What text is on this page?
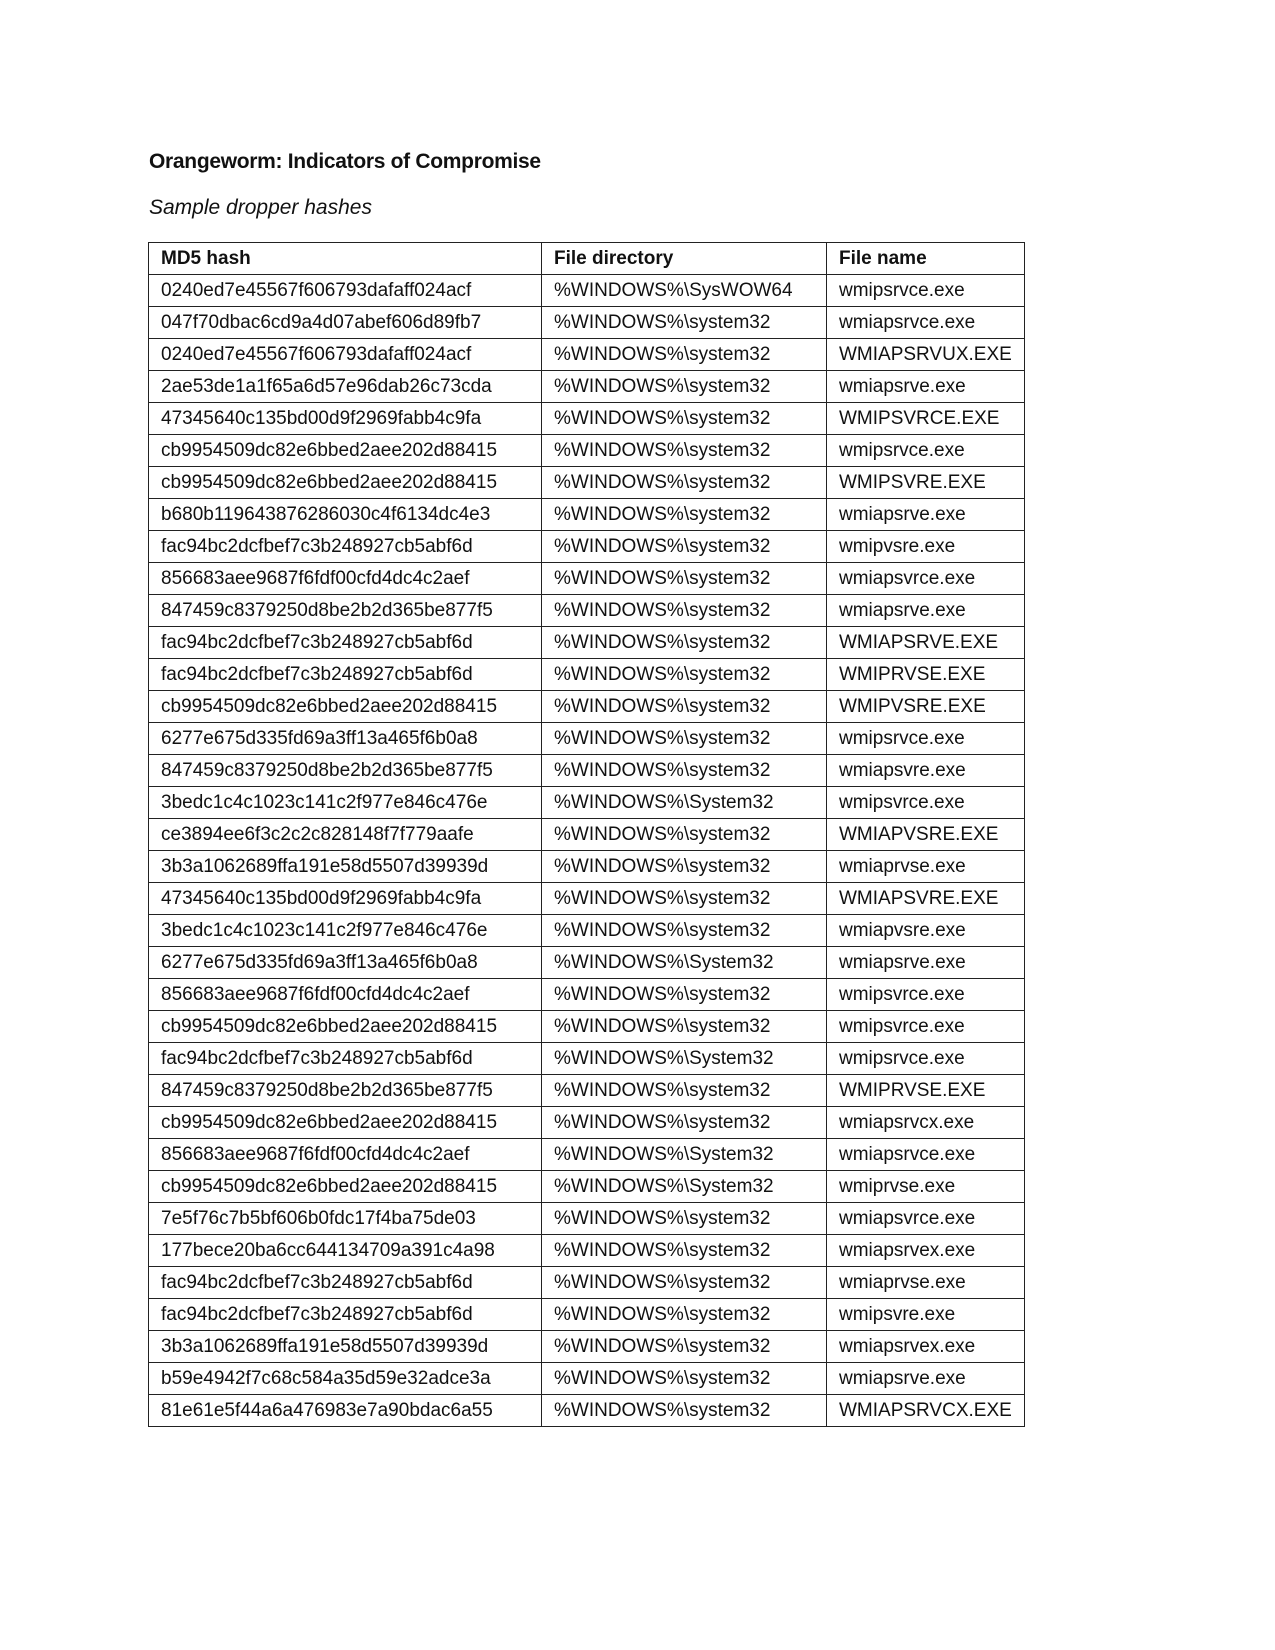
Orangeworm: Indicators of Compromise

Sample dropper hashes

MD5 hash	File directory	File name
0240ed7e45567f606793dafaff024acf	%WINDOWS%\SysWOW64	wmipsrvce.exe
047f70dbac6cd9a4d07abef606d89fb7	%WINDOWS%\system32	wmiapsrvce.exe
0240ed7e45567f606793dafaff024acf	%WINDOWS%\system32	WMIAPSRVUX.EXE
2ae53de1a1f65a6d57e96dab26c73cda	%WINDOWS%\system32	wmiapsrve.exe
47345640c135bd00d9f2969fabb4c9fa	%WINDOWS%\system32	WMIPSVRCE.EXE
cb9954509dc82e6bbed2aee202d88415	%WINDOWS%\system32	wmipsrvce.exe
cb9954509dc82e6bbed2aee202d88415	%WINDOWS%\system32	WMIPSVRE.EXE
b680b119643876286030c4f6134dc4e3	%WINDOWS%\system32	wmiapsrve.exe
fac94bc2dcfbef7c3b248927cb5abf6d	%WINDOWS%\system32	wmipvsre.exe
856683aee9687f6fdf00cfd4dc4c2aef	%WINDOWS%\system32	wmiapsvrce.exe
847459c8379250d8be2b2d365be877f5	%WINDOWS%\system32	wmiapsrve.exe
fac94bc2dcfbef7c3b248927cb5abf6d	%WINDOWS%\system32	WMIAPSRVE.EXE
fac94bc2dcfbef7c3b248927cb5abf6d	%WINDOWS%\system32	WMIPRVSE.EXE
cb9954509dc82e6bbed2aee202d88415	%WINDOWS%\system32	WMIPVSRE.EXE
6277e675d335fd69a3ff13a465f6b0a8	%WINDOWS%\system32	wmipsrvce.exe
847459c8379250d8be2b2d365be877f5	%WINDOWS%\system32	wmiapsvre.exe
3bedc1c4c1023c141c2f977e846c476e	%WINDOWS%\System32	wmipsvrce.exe
ce3894ee6f3c2c2c828148f7f779aafe	%WINDOWS%\system32	WMIAPVSRE.EXE
3b3a1062689ffa191e58d5507d39939d	%WINDOWS%\system32	wmiaprvse.exe
47345640c135bd00d9f2969fabb4c9fa	%WINDOWS%\system32	WMIAPSVRE.EXE
3bedc1c4c1023c141c2f977e846c476e	%WINDOWS%\system32	wmiapvsre.exe
6277e675d335fd69a3ff13a465f6b0a8	%WINDOWS%\System32	wmiapsrve.exe
856683aee9687f6fdf00cfd4dc4c2aef	%WINDOWS%\system32	wmipsvrce.exe
cb9954509dc82e6bbed2aee202d88415	%WINDOWS%\system32	wmipsvrce.exe
fac94bc2dcfbef7c3b248927cb5abf6d	%WINDOWS%\System32	wmipsrvce.exe
847459c8379250d8be2b2d365be877f5	%WINDOWS%\system32	WMIPRVSE.EXE
cb9954509dc82e6bbed2aee202d88415	%WINDOWS%\system32	wmiapsrvcx.exe
856683aee9687f6fdf00cfd4dc4c2aef	%WINDOWS%\System32	wmiapsrvce.exe
cb9954509dc82e6bbed2aee202d88415	%WINDOWS%\System32	wmiprvse.exe
7e5f76c7b5bf606b0fdc17f4ba75de03	%WINDOWS%\system32	wmiapsvrce.exe
177bece20ba6cc644134709a391c4a98	%WINDOWS%\system32	wmiapsrvex.exe
fac94bc2dcfbef7c3b248927cb5abf6d	%WINDOWS%\system32	wmiaprvse.exe
fac94bc2dcfbef7c3b248927cb5abf6d	%WINDOWS%\system32	wmipsvre.exe
3b3a1062689ffa191e58d5507d39939d	%WINDOWS%\system32	wmiapsrvex.exe
b59e4942f7c68c584a35d59e32adce3a	%WINDOWS%\system32	wmiapsrve.exe
81e61e5f44a6a476983e7a90bdac6a55	%WINDOWS%\system32	WMIAPSRVCX.EXE
